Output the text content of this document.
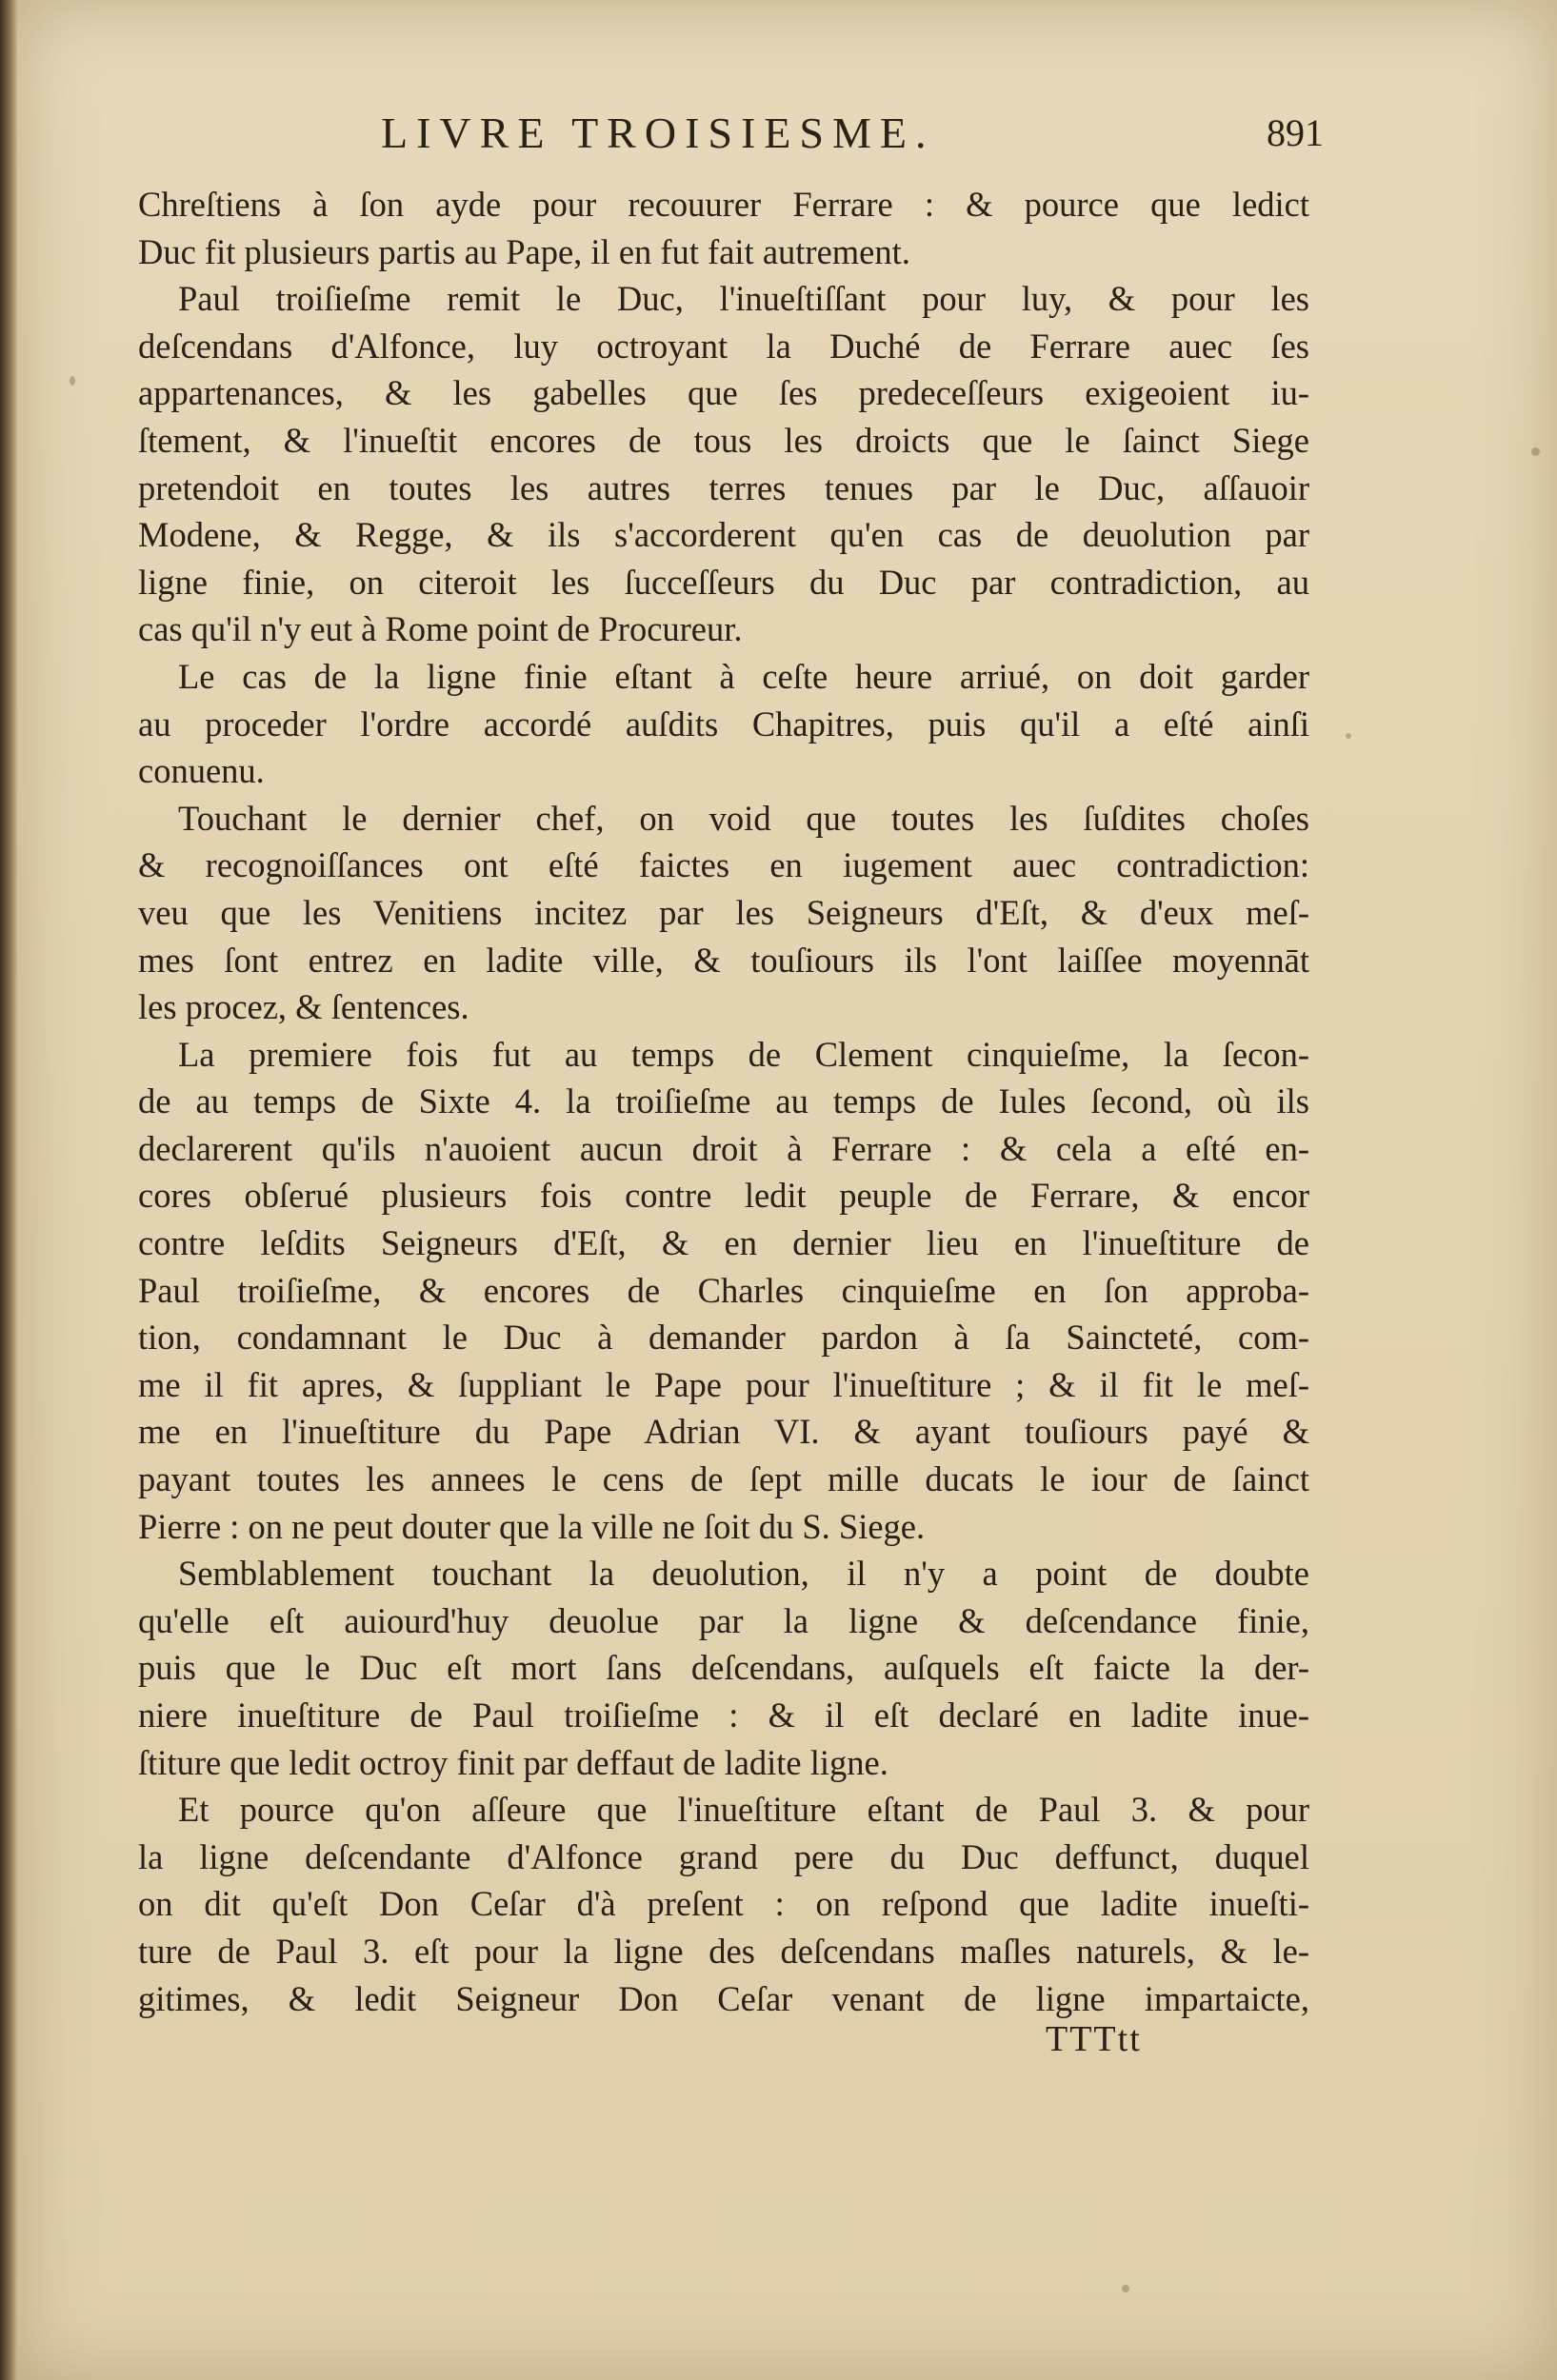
LIVRE TROISIESME.	891

Chreſtiens à ſon ayde pour recouurer Ferrare : & pource que ledict
Duc fit plusieurs partis au Pape, il en fut fait autrement.

Paul troiſieſme remit le Duc, l'inueſtiſſant pour luy, & pour les
deſcendans d'Alfonce, luy octroyant la Duché de Ferrare auec ſes
appartenances, & les gabelles que ſes predeceſſeurs exigeoient iu-
ſtement, & l'inueſtit encores de tous les droicts que le ſainct Siege
pretendoit en toutes les autres terres tenues par le Duc, aſſauoir
Modene, & Regge, & ils s'accorderent qu'en cas de deuolution par
ligne finie, on citeroit les ſucceſſeurs du Duc par contradiction, au
cas qu'il n'y eut à Rome point de Procureur.

Le cas de la ligne finie eſtant à ceſte heure arriué, on doit garder
au proceder l'ordre accordé auſdits Chapitres, puis qu'il a eſté ainſi
conuenu.

Touchant le dernier chef, on void que toutes les ſuſdites choſes
& recognoiſſances ont eſté faictes en iugement auec contradiction:
veu que les Venitiens incitez par les Seigneurs d'Eſt, & d'eux meſ-
mes ſont entrez en ladite ville, & touſiours ils l'ont laiſſee moyennāt
les procez, & ſentences.

La premiere fois fut au temps de Clement cinquieſme, la ſecon-
de au temps de Sixte 4. la troiſieſme au temps de Iules ſecond, où ils
declarerent qu'ils n'auoient aucun droit à Ferrare : & cela a eſté en-
cores obſerué plusieurs fois contre ledit peuple de Ferrare, & encor
contre leſdits Seigneurs d'Eſt, & en dernier lieu en l'inueſtiture de
Paul troiſieſme, & encores de Charles cinquieſme en ſon approba-
tion, condamnant le Duc à demander pardon à ſa Saincteté, com-
me il fit apres, & ſuppliant le Pape pour l'inueſtiture ; & il fit le meſ-
me en l'inueſtiture du Pape Adrian VI. & ayant touſiours payé &
payant toutes les annees le cens de ſept mille ducats le iour de ſainct
Pierre : on ne peut douter que la ville ne ſoit du S. Siege.

Semblablement touchant la deuolution, il n'y a point de doubte
qu'elle eſt auiourd'huy deuolue par la ligne & deſcendance finie,
puis que le Duc eſt mort ſans deſcendans, auſquels eſt faicte la der-
niere inueſtiture de Paul troiſieſme : & il eſt declaré en ladite inue-
ſtiture que ledit octroy finit par deffaut de ladite ligne.

Et pource qu'on aſſeure que l'inueſtiture eſtant de Paul 3. & pour
la ligne deſcendante d'Alfonce grand pere du Duc deffunct, duquel
on dit qu'eſt Don Ceſar d'à preſent : on reſpond que ladite inueſti-
ture de Paul 3. eſt pour la ligne des deſcendans maſles naturels, & le-
gitimes, & ledit Seigneur Don Ceſar venant de ligne impartaicte,

TTTtt
